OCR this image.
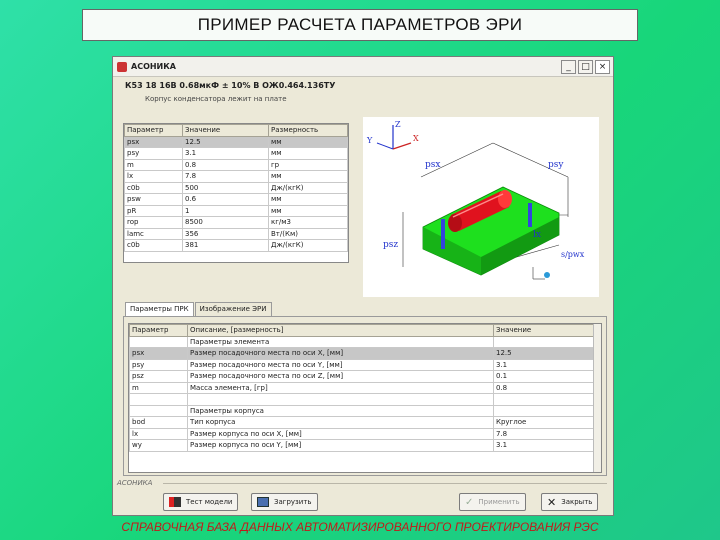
ПРИМЕР РАСЧЕТА ПАРАМЕТРОВ ЭРИ
АСОНИКА	_	□ ×
К53 18 16В 0.68мкФ ± 10% В ОЖ0.464.136ТУ
Корпус конденсатора лежит на плате
Параметр	Значение	Размерность
psx	12.5	мм
psy	3.1	мм
m	0.8	гр
lx	7.8	мм
c0b	500	Дж/(кгК)
psw	0.6	мм
pR	1	мм
rop	8500	кг/м3
lamc	356	Вт/(Км)
c0b	381	Дж/(кгК)
Z
X
Y
psx	psy
psz
lx
s/pwx
Параметры ПРК	Изображение ЭРИ
Параметр	Описание, [размерность]	Значение
	Параметры элемента	
psx	Размер посадочного места по оси X, [мм]	12.5
psy	Размер посадочного места по оси Y, [мм]	3.1
psz	Размер посадочного места по оси Z, [мм]	0.1
m	Масса элемента, [гр]	0.8

	Параметры корпуса	
bod	Тип корпуса	Круглое
lx	Размер корпуса по оси X, [мм]	7.8
wy	Размер корпуса по оси Y, [мм]	3.1
АСОНИКА
Тест модели	Загрузить	✓ Применить ✕ Закрыть
СПРАВОЧНАЯ БАЗА ДАННЫХ АВТОМАТИЗИРОВАННОГО ПРОЕКТИРОВАНИЯ РЭС
